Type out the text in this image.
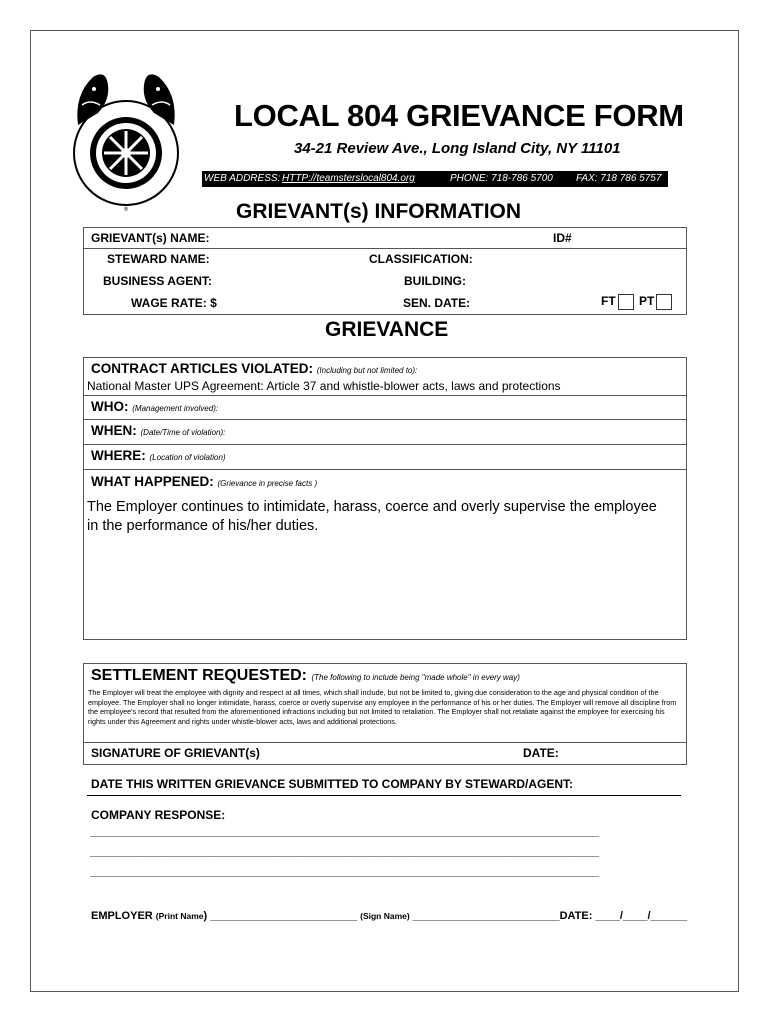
®
LOCAL 804 GRIEVANCE FORM
34-21 Review Ave., Long Island City, NY 11101
WEB ADDRESS: HTTP://teamsterslocal804.org	PHONE: 718-786 5700 FAX: 718 786 5757
GRIEVANT(s) INFORMATION
GRIEVANT(s) NAME:	ID#
STEWARD NAME:	CLASSIFICATION:
BUSINESS AGENT:	BUILDING:
WAGE RATE: $	SEN. DATE:	FT PT
GRIEVANCE
CONTRACT ARTICLES VIOLATED: (Including but not limited to):
National Master UPS Agreement: Article 37 and whistle-blower acts, laws and protections
WHO: (Management involved):
WHEN: (Date/Time of violation):
WHERE: (Location of violation)
WHAT HAPPENED: (Grievance in precise facts )
The Employer continues to intimidate, harass, coerce and overly supervise the employee
in the performance of his/her duties.
SETTLEMENT REQUESTED: (The following to include being "made whole" in every way)
The Employer will treat the employee with dignity and respect at all times, which shall include, but not be limited to, giving due consideration to the age and physical condition of the employee. The Employer shall no longer intimidate, harass, coerce or overly supervise any employee in the performance of his or her duties. The Employer will remove all discipline from the employee's record that resulted from the aforementioned infractions including but not limited to retaliation. The Employer shall not retaliate against the employee for exercising his rights under this Agreement and rights under whistle-blower acts, laws and additional protections.
SIGNATURE OF GRIEVANT(s)	DATE:
DATE THIS WRITTEN GRIEVANCE SUBMITTED TO COMPANY BY STEWARD/AGENT:
COMPANY RESPONSE:
______________________________________________________________________________________
______________________________________________________________________________________
______________________________________________________________________________________
EMPLOYER (Print Name) ________________________ (Sign Name) ________________________DATE: ____/____/______
